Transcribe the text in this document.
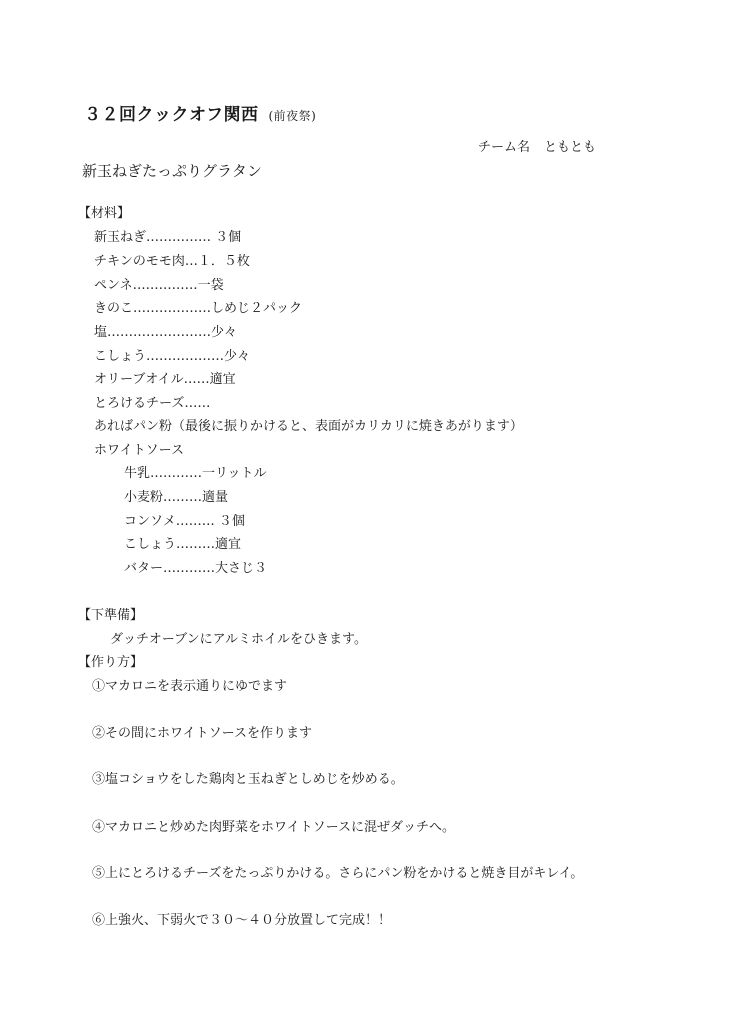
３２回クックオフ関西 (前夜祭)
チーム名 ともとも
新玉ねぎたっぷりグラタン
【材料】
新玉ねぎ…………… ３個
チキンのモモ肉…１．５枚
ペンネ……………一袋
きのこ………………しめじ２パック
塩……………………少々
こしょう………………少々
オリーブオイル……適宜
とろけるチーズ……
あればパン粉（最後に振りかけると、表面がカリカリに焼きあがります）
ホワイトソース
牛乳…………一リットル
小麦粉………適量
コンソメ……… ３個
こしょう………適宜
バター…………大さじ３
【下準備】
ダッチオーブンにアルミホイルをひきます。
【作り方】
①マカロニを表示通りにゆでます
②その間にホワイトソースを作ります
③塩コショウをした鶏肉と玉ねぎとしめじを炒める。
④マカロニと炒めた肉野菜をホワイトソースに混ぜダッチへ。
⑤上にとろけるチーズをたっぷりかける。さらにパン粉をかけると焼き目がキレイ。
⑥上強火、下弱火で３０～４０分放置して完成！！
